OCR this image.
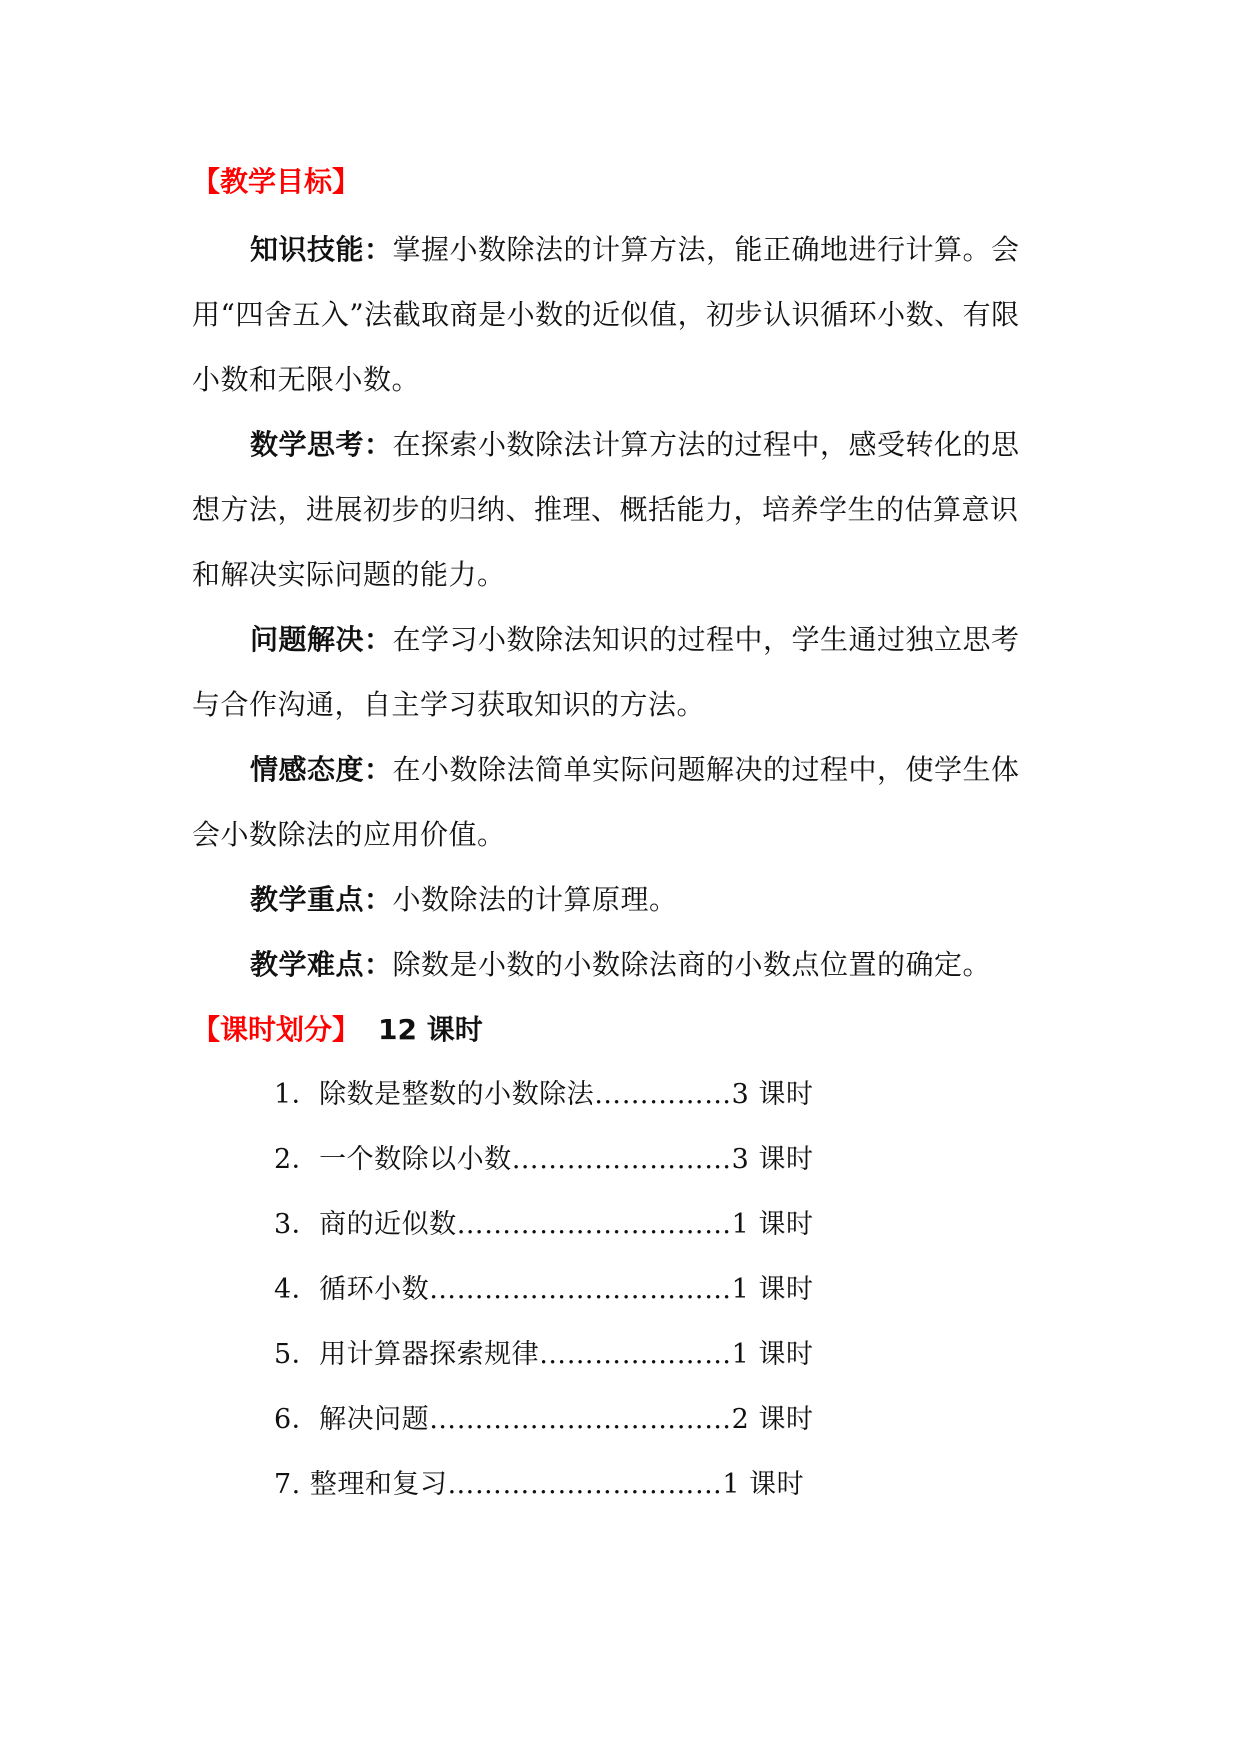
【教学目标】

知识技能：掌握小数除法的计算方法，能正确地进行计算。会用“四舍五入”法截取商是小数的近似值，初步认识循环小数、有限小数和无限小数。

数学思考：在探索小数除法计算方法的过程中，感受转化的思想方法，进展初步的归纳、推理、概括能力，培养学生的估算意识和解决实际问题的能力。

问题解决：在学习小数除法知识的过程中，学生通过独立思考与合作沟通，自主学习获取知识的方法。

情感态度：在小数除法简单实际问题解决的过程中，使学生体会小数除法的应用价值。

教学重点：小数除法的计算原理。

教学难点：除数是小数的小数除法商的小数点位置的确定。

【课时划分】 12 课时
1．除数是整数的小数除法……………3 课时
2．一个数除以小数……………………3 课时
3．商的近似数…………………………1 课时
4．循环小数……………………………1 课时
5．用计算器探索规律…………………1 课时
6．解决问题……………………………2 课时
7. 整理和复习…………………………1 课时
